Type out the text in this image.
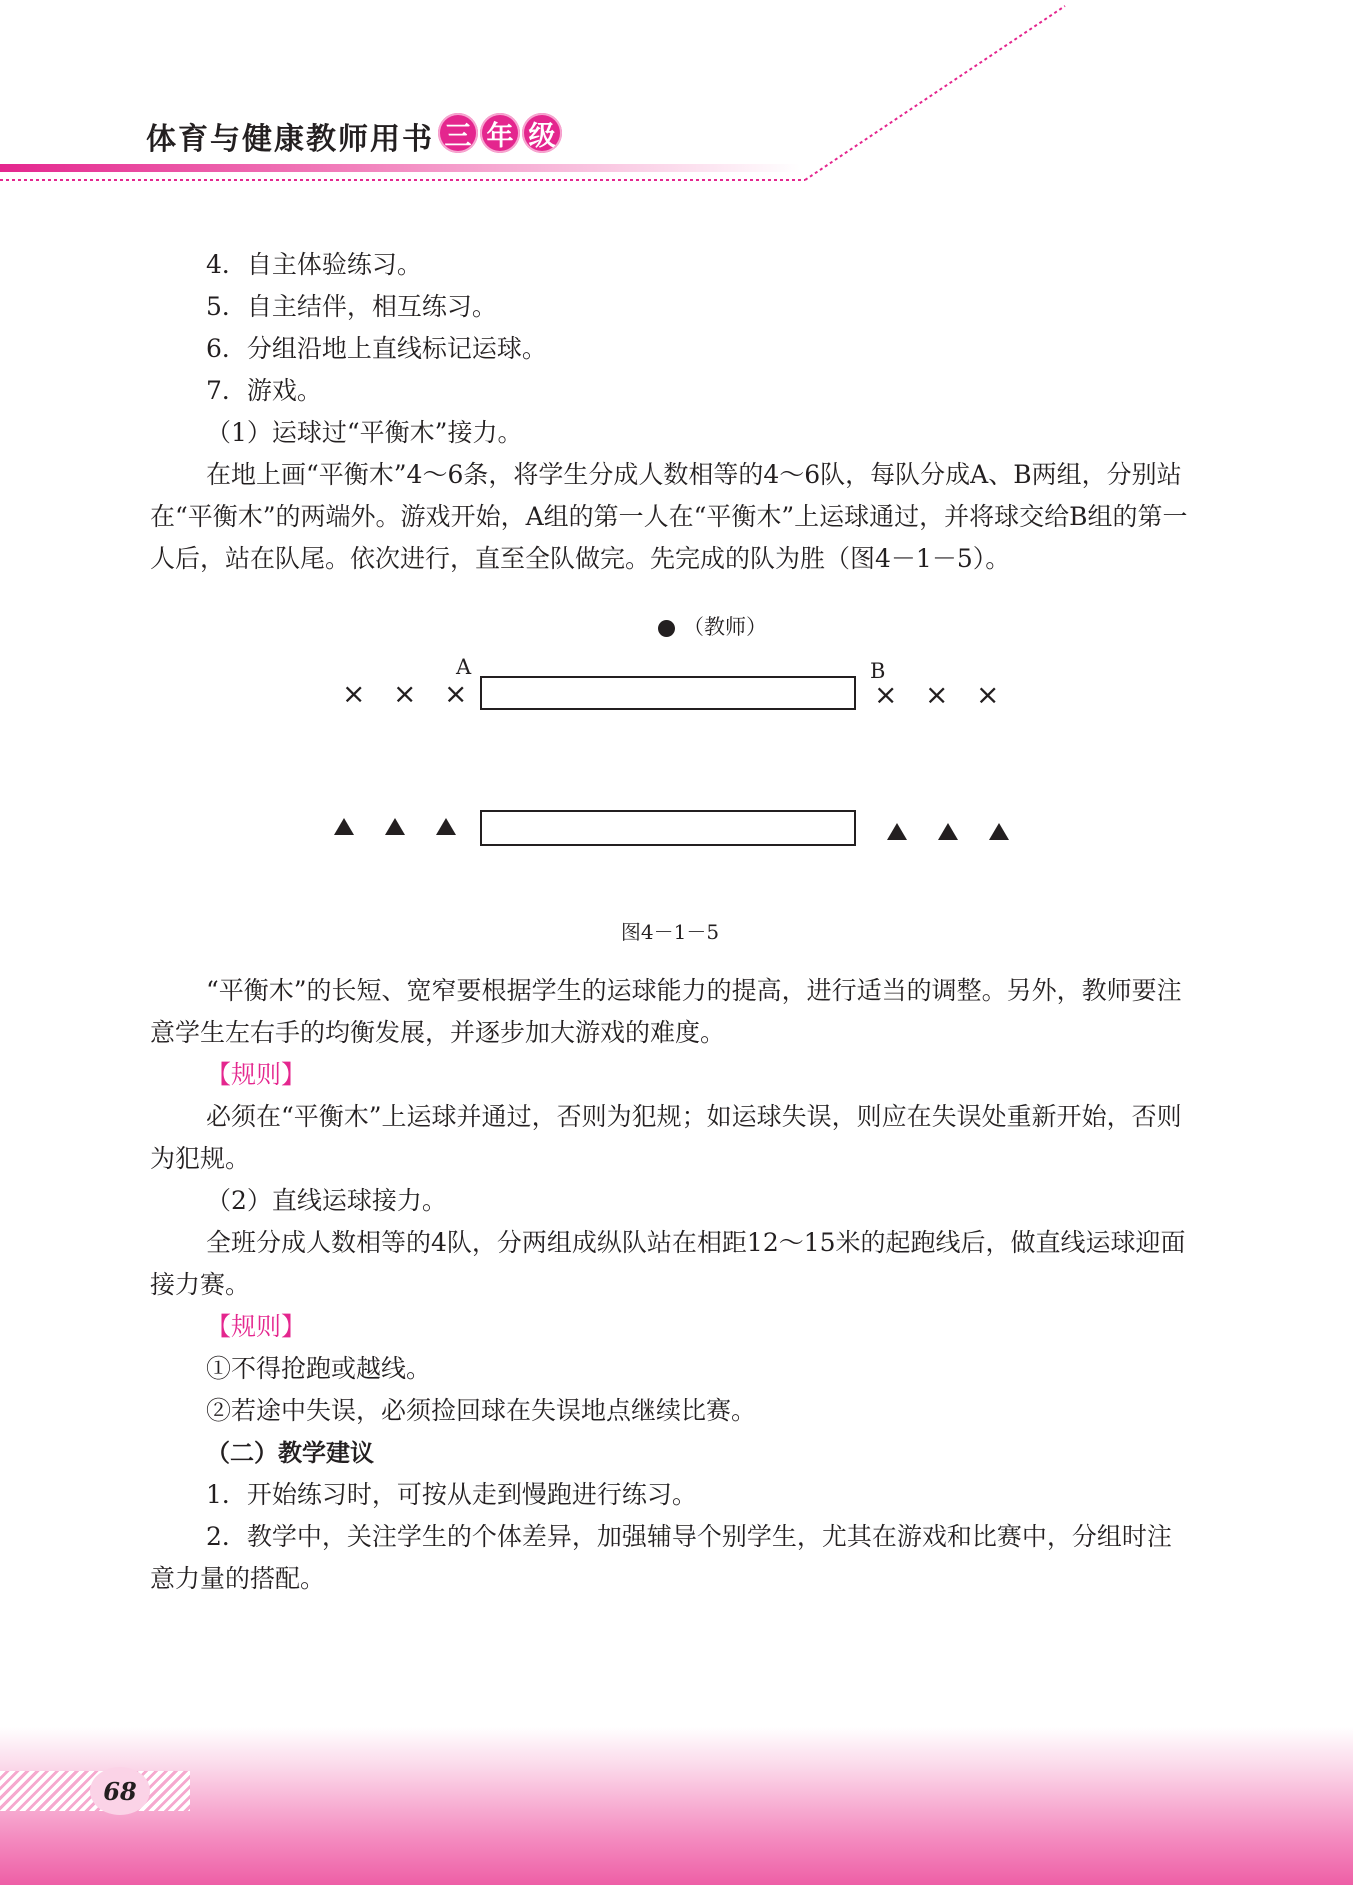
体育与健康教师用书 三 年 级

4．自主体验练习。

5．自主结伴，相互练习。

6．分组沿地上直线标记运球。

7．游戏。

（1）运球过“平衡木”接力。

在地上画“平衡木”4～6条，将学生分成人数相等的4～6队，每队分成A、B两组，分别站在“平衡木”的两端外。游戏开始，A组的第一人在“平衡木”上运球通过，并将球交给B组的第一人后，站在队尾。依次进行，直至全队做完。先完成的队为胜（图4－1－5）。

（教师）
A	B
× × ×	× × ×
图4－1－5

“平衡木”的长短、宽窄要根据学生的运球能力的提高，进行适当的调整。另外，教师要注意学生左右手的均衡发展，并逐步加大游戏的难度。

【规则】

必须在“平衡木”上运球并通过，否则为犯规；如运球失误，则应在失误处重新开始，否则为犯规。

（2）直线运球接力。

全班分成人数相等的4队，分两组成纵队站在相距12～15米的起跑线后，做直线运球迎面接力赛。

【规则】

①不得抢跑或越线。

②若途中失误，必须捡回球在失误地点继续比赛。

（二）教学建议

1．开始练习时，可按从走到慢跑进行练习。

2．教学中，关注学生的个体差异，加强辅导个别学生，尤其在游戏和比赛中，分组时注意力量的搭配。

68
